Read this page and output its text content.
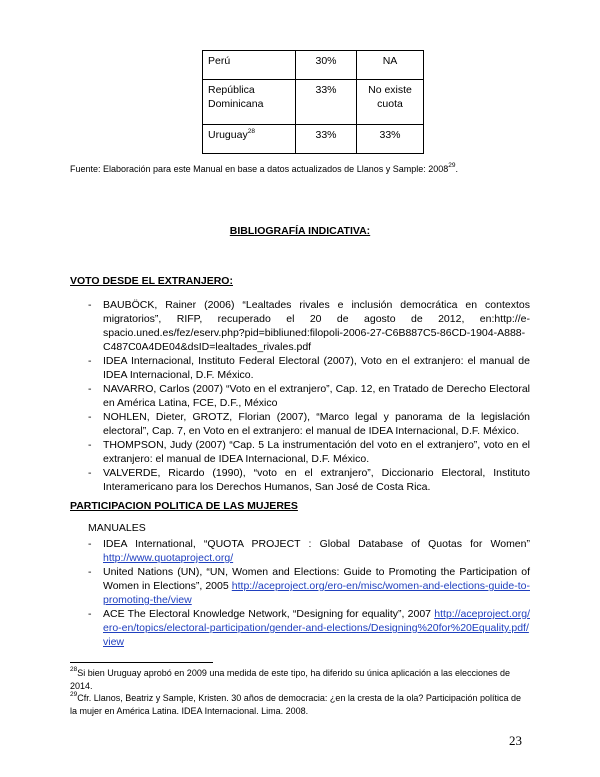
Perú	30%	NA
República Dominicana	33%	No existe cuota
Uruguay$^{28}$	33%	33%
Fuente: Elaboración para este Manual en base a datos actualizados de Llanos y Sample: 2008$^{29}$.
BIBLIOGRAFÍA INDICATIVA:
VOTO DESDE EL EXTRANJERO:
- BAUBÖCK, Rainer (2006) “Lealtades rivales e inclusión democrática en contextos migratorios”, RIFP, recuperado el 20 de agosto de 2012, en:http://e-spacio.uned.es/fez/eserv.php?pid=bibliuned:filopoli-2006-27-C6B887C5-86CD-1904-A888-C487C0A4DE04&dsID=lealtades_rivales.pdf
- IDEA Internacional, Instituto Federal Electoral (2007), Voto en el extranjero: el manual de IDEA Internacional, D.F. México.
- NAVARRO, Carlos (2007) “Voto en el extranjero”, Cap. 12, en Tratado de Derecho Electoral en América Latina, FCE, D.F., México
- NOHLEN, Dieter, GROTZ, Florian (2007), “Marco legal y panorama de la legislación electoral”, Cap. 7, en Voto en el extranjero: el manual de IDEA Internacional, D.F. México.
- THOMPSON, Judy (2007) “Cap. 5 La instrumentación del voto en el extranjero”, voto en el extranjero: el manual de IDEA Internacional, D.F. México.
- VALVERDE, Ricardo (1990), “voto en el extranjero”, Diccionario Electoral, Instituto Interamericano para los Derechos Humanos, San José de Costa Rica.
PARTICIPACION POLITICA DE LAS MUJERES
MANUALES
- IDEA International, “QUOTA PROJECT : Global Database of Quotas for Women” http://www.quotaproject.org/
- United Nations (UN), “UN, Women and Elections: Guide to Promoting the Participation of Women in Elections”, 2005 http://aceproject.org/ero-en/misc/women-and-elections-guide-to-promoting-the/view
- ACE The Electoral Knowledge Network, “Designing for equality”, 2007 http://aceproject.org/ero-en/topics/electoral-participation/gender-and-elections/Designing%20for%20Equality.pdf/view

$^{28}$Si bien Uruguay aprobó en 2009 una medida de este tipo, ha diferido su única aplicación a las elecciones de 2014.

$^{29}$Cfr. Llanos, Beatriz y Sample, Kristen. 30 años de democracia: ¿en la cresta de la ola? Participación política de la mujer en América Latina. IDEA Internacional. Lima. 2008.

23
